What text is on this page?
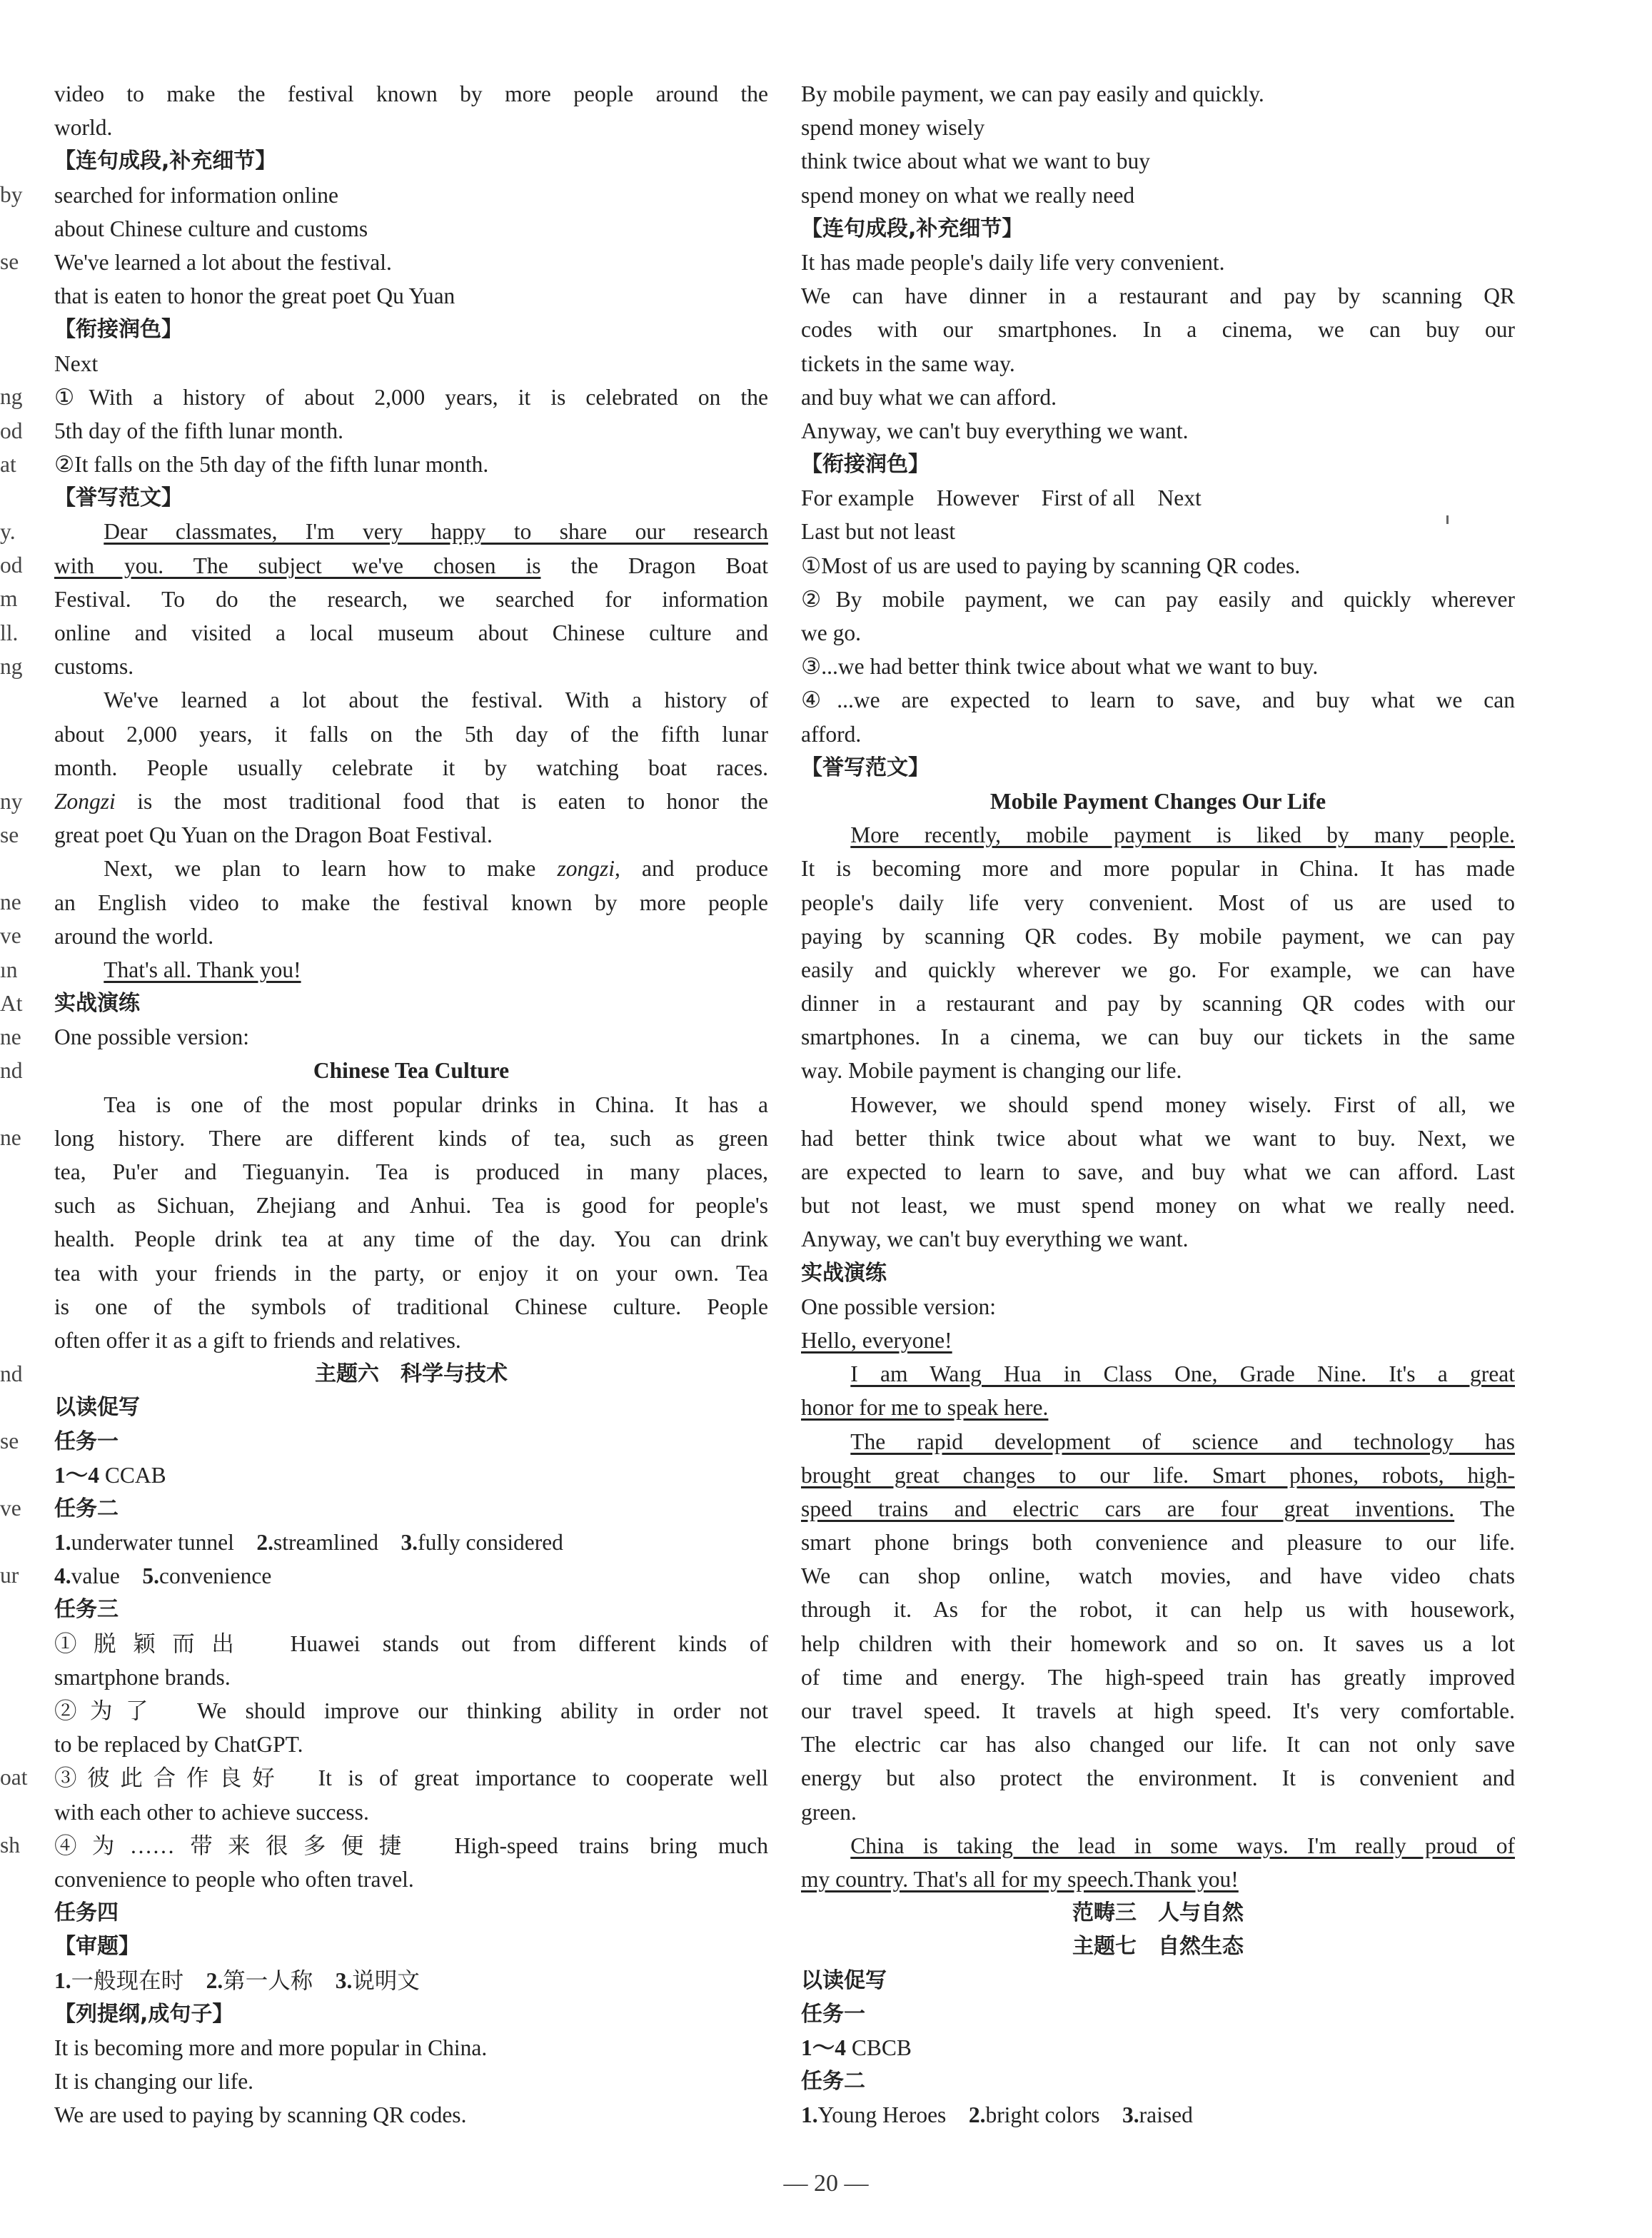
by
se
ng
od
at
y.
od
m
ll.
ng
ny
se
ne
ve
ın
At
ne
nd
ne
nd
se
ve
ur
oat
sh
video to make the festival known by more people around the
world.
【连句成段,补充细节】
searched for information online
about Chinese culture and customs
We've learned a lot about the festival.
that is eaten to honor the great poet Qu Yuan
【衔接润色】
Next
①With a history of about 2,000 years, it is celebrated on the
5th day of the fifth lunar month.
②It falls on the 5th day of the fifth lunar month.
【誉写范文】
Dear classmates, I'm very happy to share our research
with you. The subject we've chosen is the Dragon Boat
Festival. To do the research, we searched for information
online and visited a local museum about Chinese culture and
customs.
We've learned a lot about the festival. With a history of
about 2,000 years, it falls on the 5th day of the fifth lunar
month. People usually celebrate it by watching boat races.
Zongzi is the most traditional food that is eaten to honor the
great poet Qu Yuan on the Dragon Boat Festival.
Next, we plan to learn how to make zongzi, and produce
an English video to make the festival known by more people
around the world.
That's all. Thank you!
实战演练
One possible version:
Chinese Tea Culture
Tea is one of the most popular drinks in China. It has a
long history. There are different kinds of tea, such as green
tea, Pu'er and Tieguanyin. Tea is produced in many places,
such as Sichuan, Zhejiang and Anhui. Tea is good for people's
health. People drink tea at any time of the day. You can drink
tea with your friends in the party, or enjoy it on your own. Tea
is one of the symbols of traditional Chinese culture. People
often offer it as a gift to friends and relatives.
主题六　科学与技术
以读促写
任务一
1～4 CCAB
任务二
1.underwater tunnel　2.streamlined　3.fully considered
4.value　5.convenience
任务三
①脱颖而出　Huawei stands out from different kinds of
smartphone brands.
②为了　We should improve our thinking ability in order not
to be replaced by ChatGPT.
③彼此合作良好　It is of great importance to cooperate well
with each other to achieve success.
④为……带来很多便捷　High-speed trains bring much
convenience to people who often travel.
任务四
【审题】
1.一般现在时　2.第一人称　3.说明文
【列提纲,成句子】
It is becoming more and more popular in China.
It is changing our life.
We are used to paying by scanning QR codes.
By mobile payment, we can pay easily and quickly.
spend money wisely
think twice about what we want to buy
spend money on what we really need
【连句成段,补充细节】
It has made people's daily life very convenient.
We can have dinner in a restaurant and pay by scanning QR
codes with our smartphones. In a cinema, we can buy our
tickets in the same way.
and buy what we can afford.
Anyway, we can't buy everything we want.
【衔接润色】
For example　However　First of all　Next
Last but not least
①Most of us are used to paying by scanning QR codes.
②By mobile payment, we can pay easily and quickly wherever
we go.
③...we had better think twice about what we want to buy.
④...we are expected to learn to save, and buy what we can
afford.
【誉写范文】
Mobile Payment Changes Our Life
More recently, mobile payment is liked by many people.
It is becoming more and more popular in China. It has made
people's daily life very convenient. Most of us are used to
paying by scanning QR codes. By mobile payment, we can pay
easily and quickly wherever we go. For example, we can have
dinner in a restaurant and pay by scanning QR codes with our
smartphones. In a cinema, we can buy our tickets in the same
way. Mobile payment is changing our life.
However, we should spend money wisely. First of all, we
had better think twice about what we want to buy. Next, we
are expected to learn to save, and buy what we can afford. Last
but not least, we must spend money on what we really need.
Anyway, we can't buy everything we want.
实战演练
One possible version:
Hello, everyone!
I am Wang Hua in Class One, Grade Nine. It's a great
honor for me to speak here.
The rapid development of science and technology has
brought great changes to our life. Smart phones, robots, high-
speed trains and electric cars are four great inventions. The
smart phone brings both convenience and pleasure to our life.
We can shop online, watch movies, and have video chats
through it. As for the robot, it can help us with housework,
help children with their homework and so on. It saves us a lot
of time and energy. The high-speed train has greatly improved
our travel speed. It travels at high speed. It's very comfortable.
The electric car has also changed our life. It can not only save
energy but also protect the environment. It is convenient and
green.
China is taking the lead in some ways. I'm really proud of
my country. That's all for my speech.Thank you!
范畴三　人与自然
主题七　自然生态
以读促写
任务一
1～4 CBCB
任务二
1.Young Heroes　2.bright colors　3.raised
— 20 —
